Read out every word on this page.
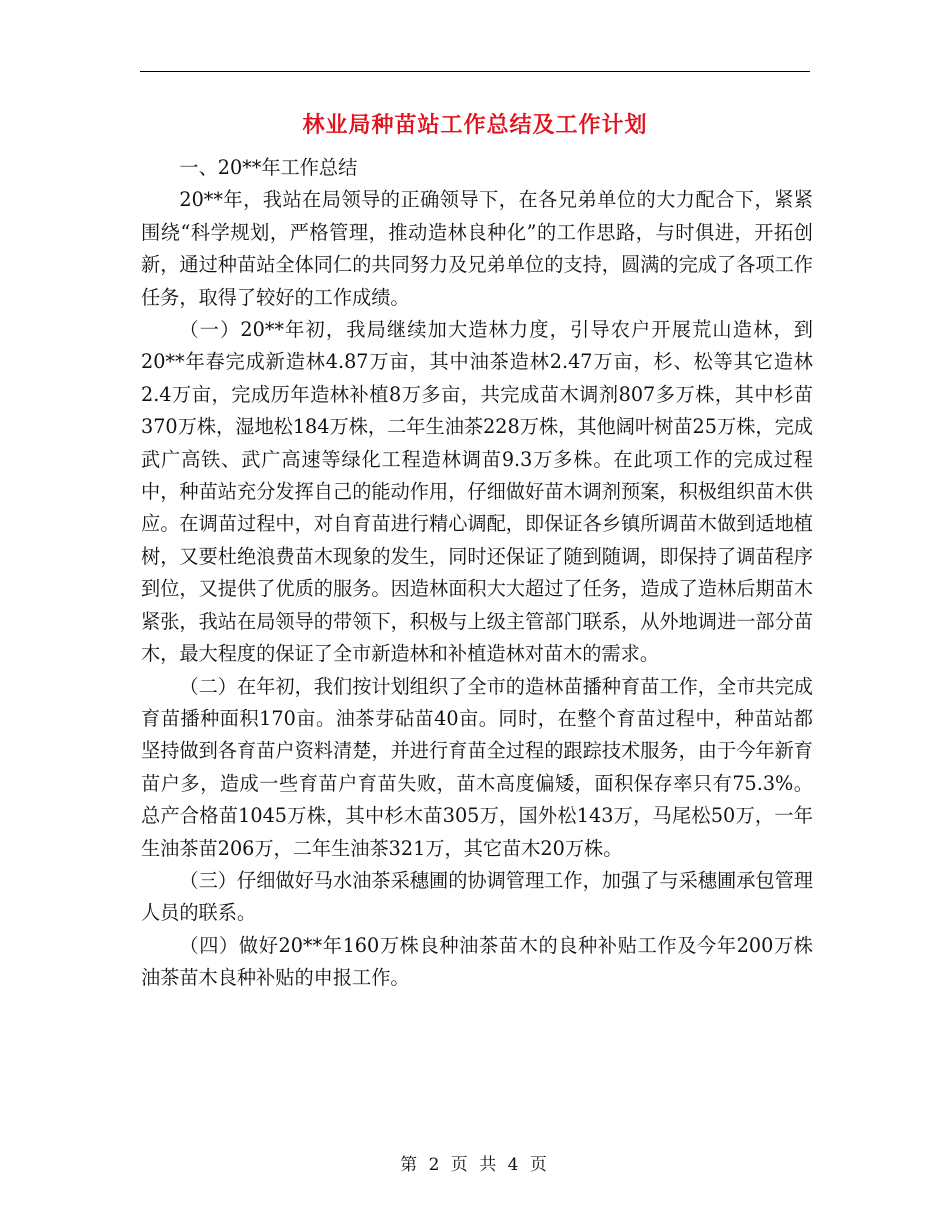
林业局种苗站工作总结及工作计划

一、20**年工作总结

20**年，我站在局领导的正确领导下，在各兄弟单位的大力配合下，紧紧围绕“科学规划，严格管理，推动造林良种化”的工作思路，与时俱进，开拓创新，通过种苗站全体同仁的共同努力及兄弟单位的支持，圆满的完成了各项工作任务，取得了较好的工作成绩。

（一）20**年初，我局继续加大造林力度，引导农户开展荒山造林，到20**年春完成新造林4.87万亩，其中油茶造林2.47万亩，杉、松等其它造林2.4万亩，完成历年造林补植8万多亩，共完成苗木调剂807多万株，其中杉苗370万株，湿地松184万株，二年生油茶228万株，其他阔叶树苗25万株，完成武广高铁、武广高速等绿化工程造林调苗9.3万多株。在此项工作的完成过程中，种苗站充分发挥自己的能动作用，仔细做好苗木调剂预案，积极组织苗木供应。在调苗过程中，对自育苗进行精心调配，即保证各乡镇所调苗木做到适地植树，又要杜绝浪费苗木现象的发生，同时还保证了随到随调，即保持了调苗程序到位，又提供了优质的服务。因造林面积大大超过了任务，造成了造林后期苗木紧张，我站在局领导的带领下，积极与上级主管部门联系，从外地调进一部分苗木，最大程度的保证了全市新造林和补植造林对苗木的需求。

（二）在年初，我们按计划组织了全市的造林苗播种育苗工作，全市共完成育苗播种面积170亩。油茶芽砧苗40亩。同时，在整个育苗过程中，种苗站都坚持做到各育苗户资料清楚，并进行育苗全过程的跟踪技术服务，由于今年新育苗户多，造成一些育苗户育苗失败，苗木高度偏矮，面积保存率只有75.3%。总产合格苗1045万株，其中杉木苗305万，国外松143万，马尾松50万，一年生油茶苗206万，二年生油茶321万，其它苗木20万株。

（三）仔细做好马水油茶采穗圃的协调管理工作，加强了与采穗圃承包管理人员的联系。

（四）做好20**年160万株良种油茶苗木的良种补贴工作及今年200万株油茶苗木良种补贴的申报工作。

第 2 页 共 4 页
